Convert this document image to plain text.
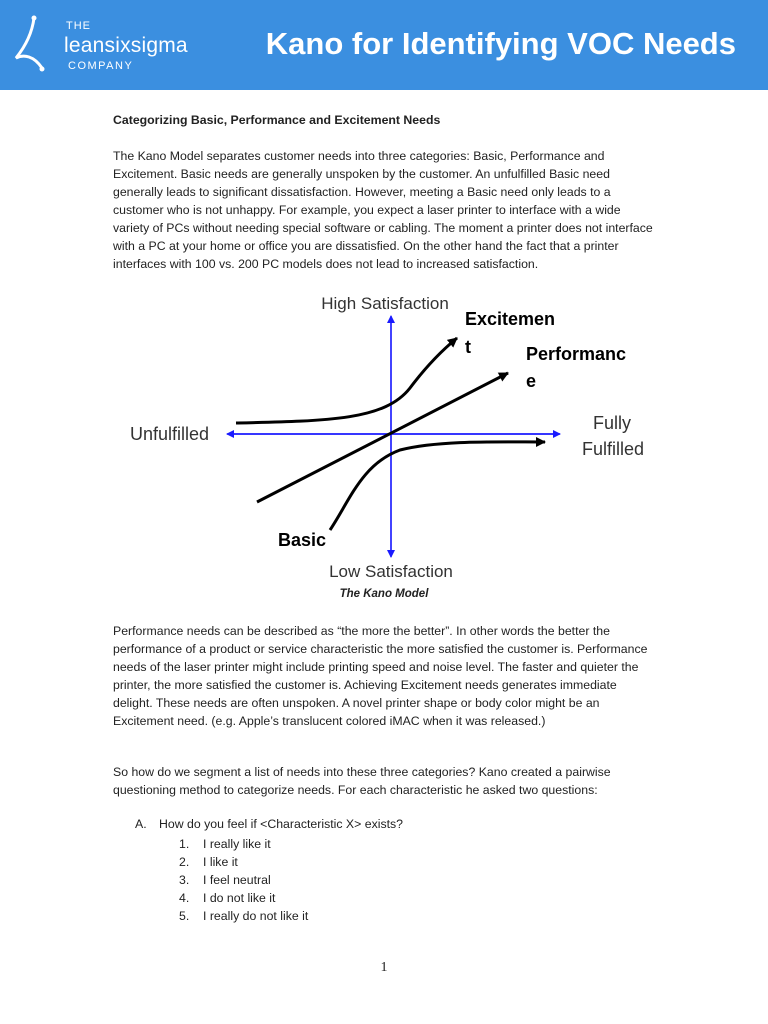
THE
leansixsigma
COMPANY
Kano for Identifying VOC Needs
Categorizing Basic, Performance and Excitement Needs
The Kano Model separates customer needs into three categories: Basic, Performance and Excitement. Basic needs are generally unspoken by the customer. An unfulfilled Basic need generally leads to significant dissatisfaction. However, meeting a Basic need only leads to a customer who is not unhappy. For example, you expect a laser printer to interface with a wide variety of PCs without needing special software or cabling. The moment a printer does not interface with a PC at your home or office you are dissatisfied. On the other hand the fact that a printer interfaces with 100 vs. 200 PC models does not lead to increased satisfaction.
High Satisfaction
Low Satisfaction
Unfulfilled
Fully
Fulfilled
Excitemen
t	Performanc
e
Basic
The Kano Model
Performance needs can be described as “the more the better”. In other words the better the performance of a product or service characteristic the more satisfied the customer is. Performance needs of the laser printer might include printing speed and noise level. The faster and quieter the printer, the more satisfied the customer is. Achieving Excitement needs generates immediate delight. These needs are often unspoken. A novel printer shape or body color might be an Excitement need. (e.g. Apple’s translucent colored iMAC when it was released.)
So how do we segment a list of needs into these three categories? Kano created a pairwise questioning method to categorize needs. For each characteristic he asked two questions:
A. How do you feel if <Characteristic X> exists?
1. I really like it
2. I like it
3. I feel neutral
4. I do not like it
5. I really do not like it
1
